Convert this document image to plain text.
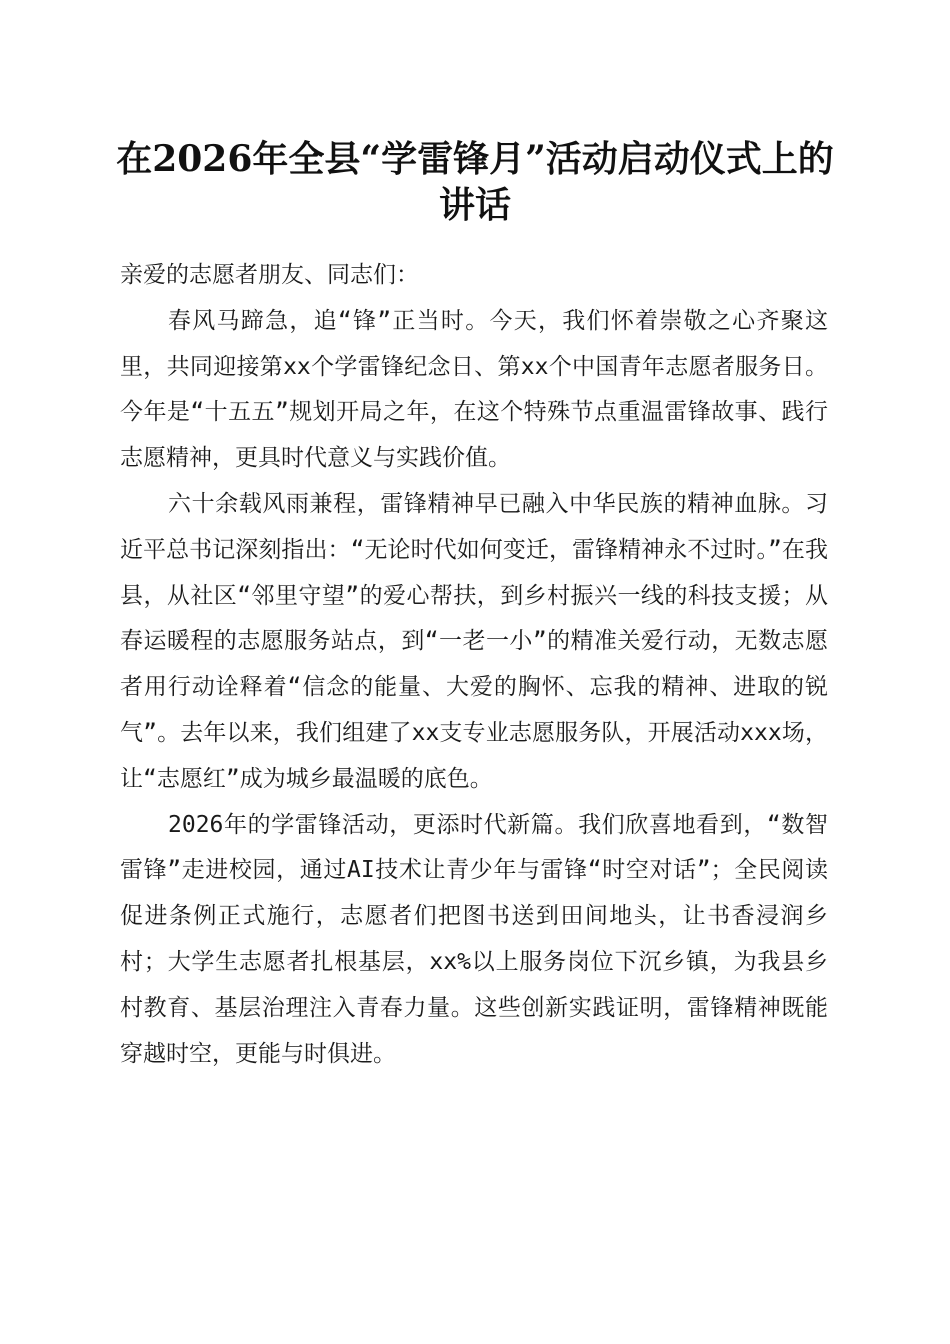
在2026年全县“学雷锋月”活动启动仪式上的讲话

亲爱的志愿者朋友、同志们：

春风马蹄急，追“锋”正当时。今天，我们怀着崇敬之心齐聚这里，共同迎接第xx个学雷锋纪念日、第xx个中国青年志愿者服务日。今年是“十五五”规划开局之年，在这个特殊节点重温雷锋故事、践行志愿精神，更具时代意义与实践价值。

六十余载风雨兼程，雷锋精神早已融入中华民族的精神血脉。习近平总书记深刻指出：“无论时代如何变迁，雷锋精神永不过时。”在我县，从社区“邻里守望”的爱心帮扶，到乡村振兴一线的科技支援；从春运暖程的志愿服务站点，到“一老一小”的精准关爱行动，无数志愿者用行动诠释着“信念的能量、大爱的胸怀、忘我的精神、进取的锐气”。去年以来，我们组建了xx支专业志愿服务队，开展活动xxx场，让“志愿红”成为城乡最温暖的底色。

2026年的学雷锋活动，更添时代新篇。我们欣喜地看到，“数智雷锋”走进校园，通过AI技术让青少年与雷锋“时空对话”；全民阅读促进条例正式施行，志愿者们把图书送到田间地头，让书香浸润乡村；大学生志愿者扎根基层，xx%以上服务岗位下沉乡镇，为我县乡村教育、基层治理注入青春力量。这些创新实践证明，雷锋精神既能穿越时空，更能与时俱进。
